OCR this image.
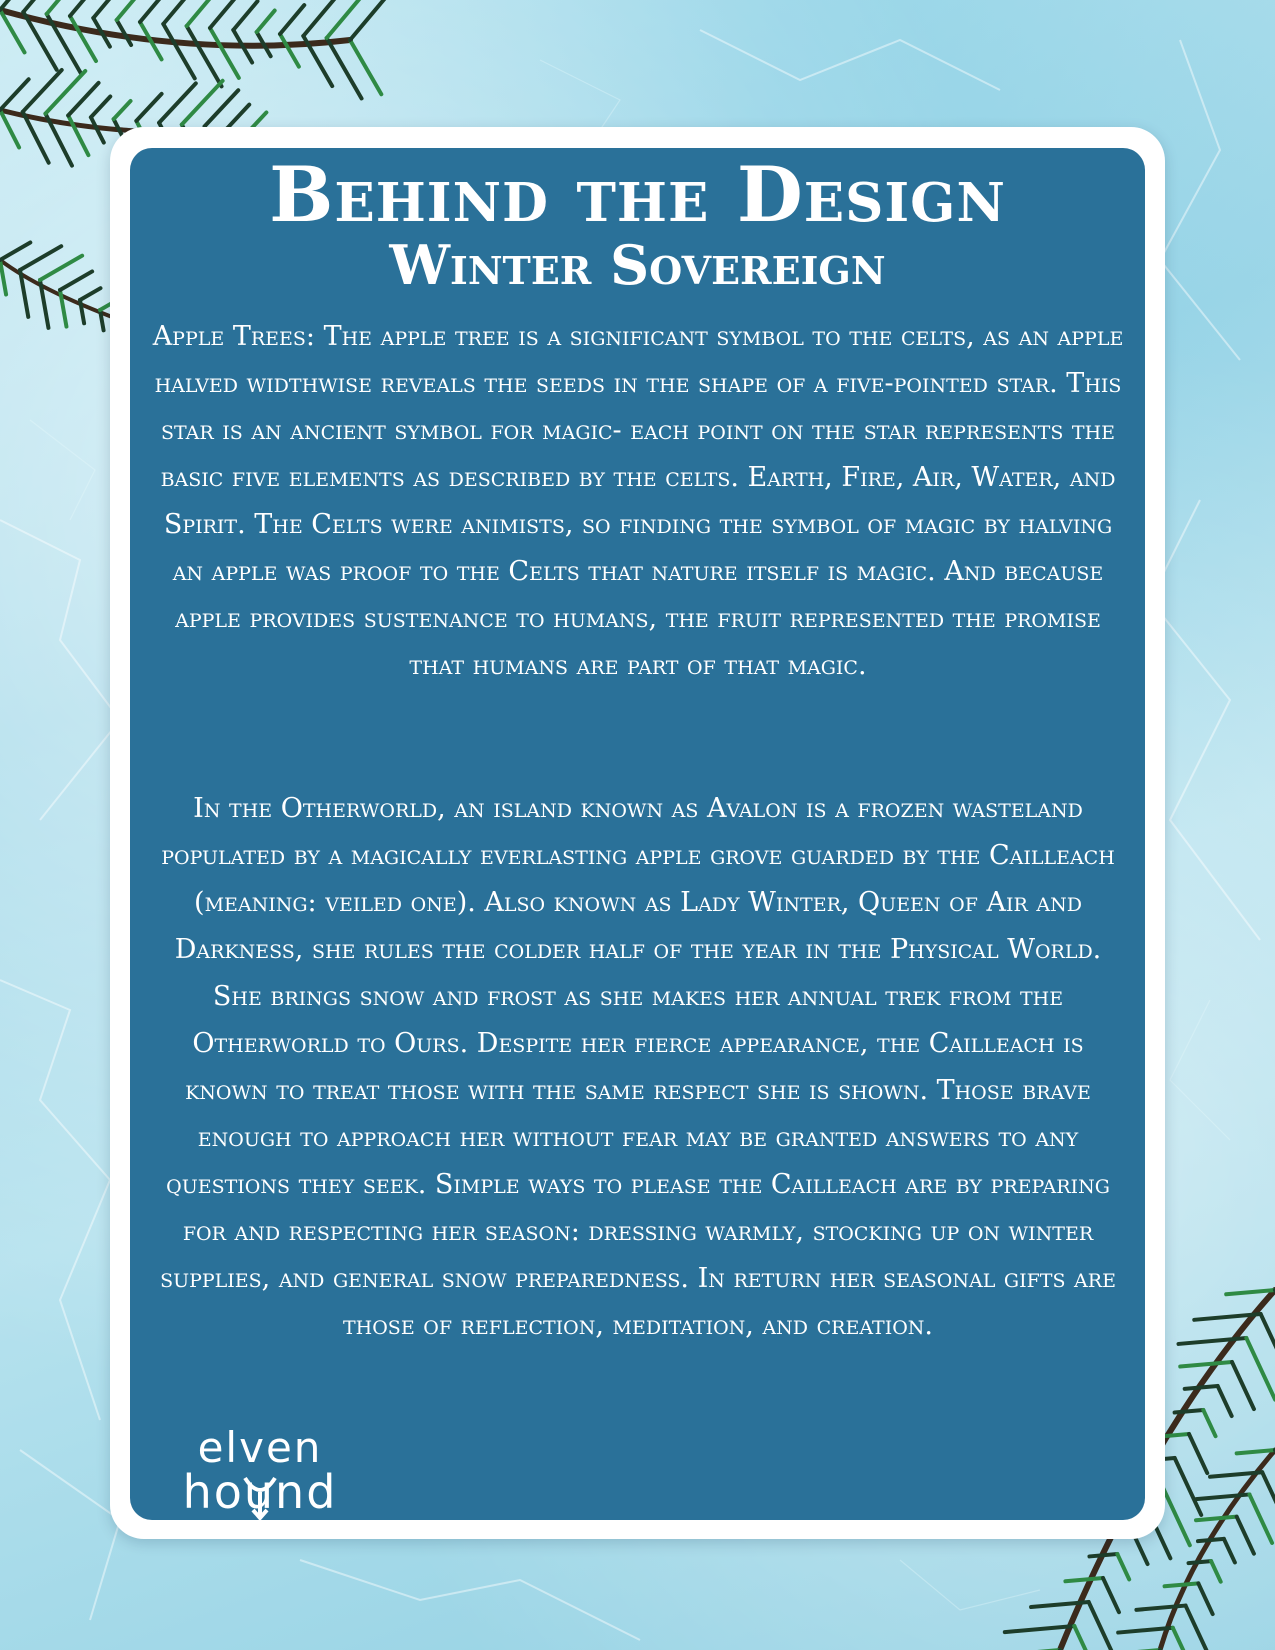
Behind the Design
Winter Sovereign

Apple Trees: The apple tree is a significant symbol to the celts, as an apple halved widthwise reveals the seeds in the shape of a five-pointed star. This star is an ancient symbol for magic- each point on the star represents the basic five elements as described by the celts. Earth, Fire, Air, Water, and Spirit. The Celts were animists, so finding the symbol of magic by halving an apple was proof to the Celts that nature itself is magic. And because apple provides sustenance to humans, the fruit represented the promise that humans are part of that magic.

In the Otherworld, an island known as Avalon is a frozen wasteland populated by a magically everlasting apple grove guarded by the Cailleach (meaning: veiled one). Also known as Lady Winter, Queen of Air and Darkness, she rules the colder half of the year in the Physical World. She brings snow and frost as she makes her annual trek from the Otherworld to Ours. Despite her fierce appearance, the Cailleach is known to treat those with the same respect she is shown. Those brave enough to approach her without fear may be granted answers to any questions they seek. Simple ways to please the Cailleach are by preparing for and respecting her season: dressing warmly, stocking up on winter supplies, and general snow preparedness. In return her seasonal gifts are those of reflection, meditation, and creation.

elven
hound
